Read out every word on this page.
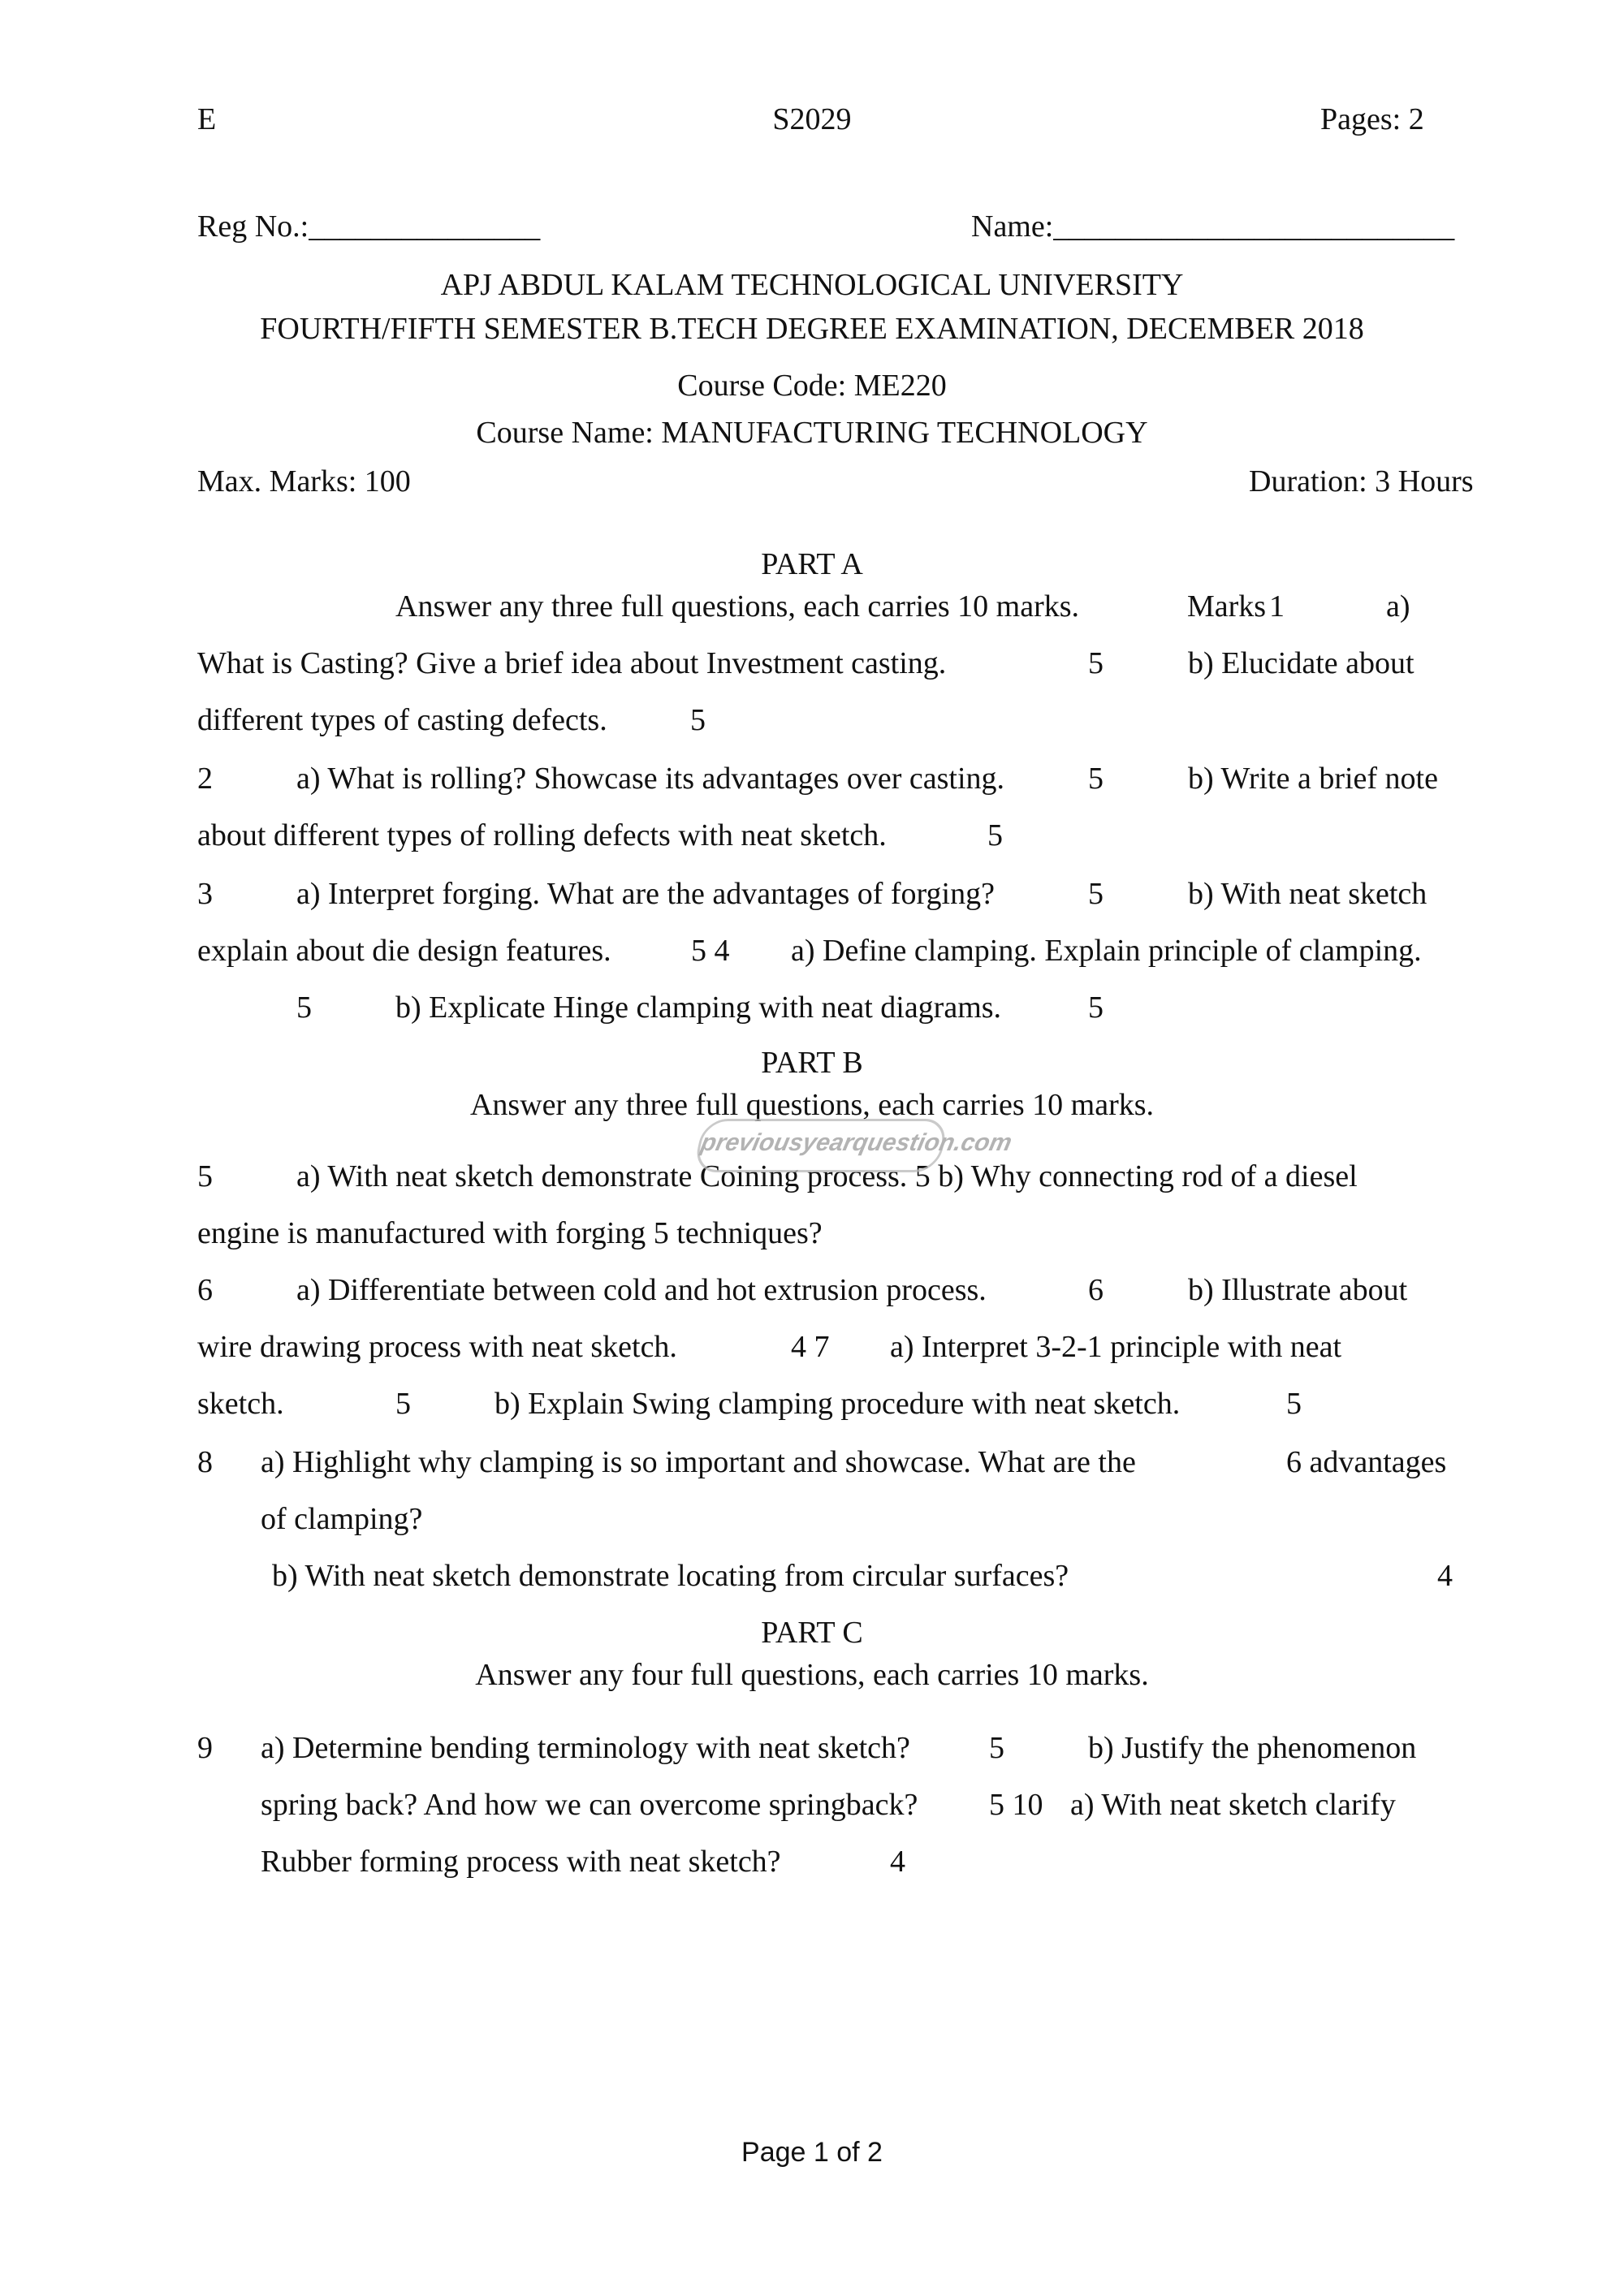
E	S2029	Pages: 2
Reg No.:_______________	Name:__________________________
APJ ABDUL KALAM TECHNOLOGICAL UNIVERSITY
FOURTH/FIFTH SEMESTER B.TECH DEGREE EXAMINATION, DECEMBER 2018
Course Code: ME220
Course Name: MANUFACTURING TECHNOLOGY
Max. Marks: 100	Duration: 3 Hours
PART A
Answer any three full questions, each carries 10 marks.	Marks 1	a)
What is Casting? Give a brief idea about Investment casting.	5	b) Elucidate about
different types of casting defects.	5
2	a) What is rolling? Showcase its advantages over casting.	5	b) Write a brief note
about different types of rolling defects with neat sketch.	5
3	a) Interpret forging. What are the advantages of forging?	5	b) With neat sketch
explain about die design features.	5 4 a) Define clamping. Explain principle of clamping.
5	b) Explicate Hinge clamping with neat diagrams.	5
PART B
Answer any three full questions, each carries 10 marks.
5	a) With neat sketch demonstrate Coining process. 5 b) Why connecting rod of a diesel
engine is manufactured with forging 5 techniques?
6	a) Differentiate between cold and hot extrusion process.	6	b) Illustrate about
wire drawing process with neat sketch.	4 7 a) Interpret 3-2-1 principle with neat
sketch.	5	b) Explain Swing clamping procedure with neat sketch.	5
8 a) Highlight why clamping is so important and showcase. What are the	6 advantages
of clamping?
b) With neat sketch demonstrate locating from circular surfaces?	4
PART C
Answer any four full questions, each carries 10 marks.
9 a) Determine bending terminology with neat sketch?	5	b) Justify the phenomenon
spring back? And how we can overcome springback? 5 10 a) With neat sketch clarify
Rubber forming process with neat sketch?	4
previousyearquestion.com
Page 1 of 2
